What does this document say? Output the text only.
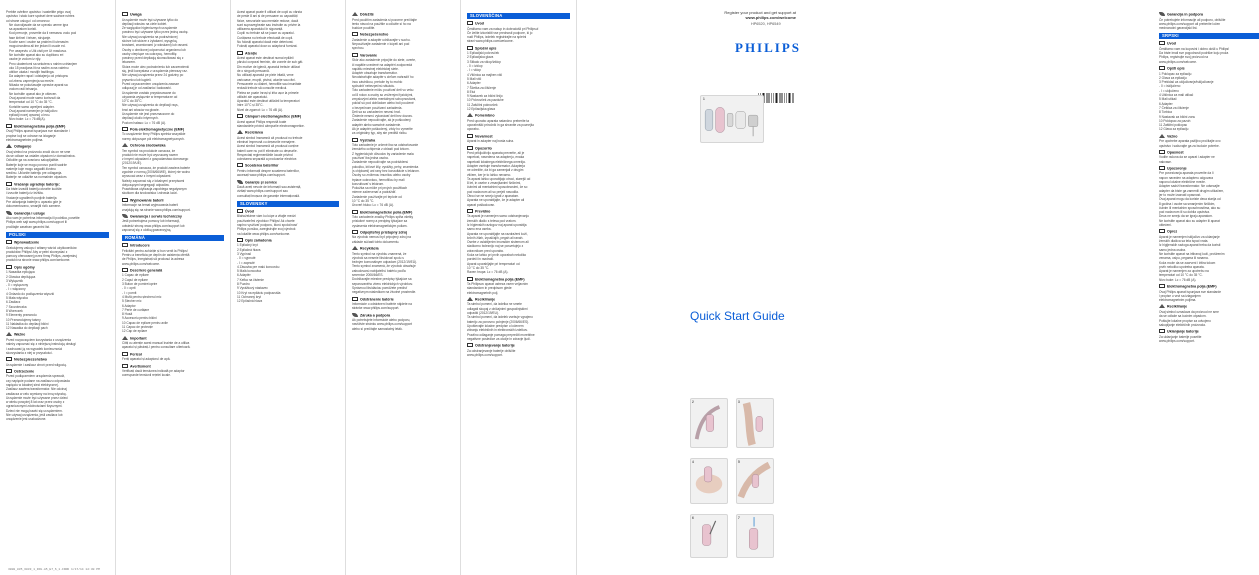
Prebite ovleltne uputstvo i sasteitite prigo ovaj
uputstvo i stalo kore spotsel dere sauhwe rutrtes
od strane uslugu i od omonnov.
Ne dozvoljavate da se uperalu uerme igra
sa aparatom koristi.
Kod prerunje, proverite da li nemasnu vodu pod
fase kirtinel i brisen, strujanje.
Kocite sam i osobe sa pralnim ili utenasim
mogućnostima ali ine jedan ili osude ed.
Pre ueapevtu u Utk cisti pre Ut maskova.
Ne koristite aparat ako su duplitonu eri
osobe je vodom iz njiy.
Prno ukatentomi sa sekutera s nahim uvirtanjem
oko 15 pracijana lit na nadim zona valetnu
ubilice ukaka i mostjih fastilinga.
Da adapter rapal i odstajenju od pristupnu
od zbenu zaprenjenja sa mreže.
Nikada ne pokušavajte opravke aparat sa
vodom radi brisanja.
Ne koristite uparat ako je oštecen.
Ovaj aparat mode samo korisnuti da
temperaturi od 10 °C do 35 °C.
Koristite samo apreljeni adapter.
Ovaj aparat namenjen je isključivo
epilaciji nozej opsanoj u lecu.
Nivo buke: Lc = 76 dB(A).
Elektromagnetska polja (EMF)
Ovaj Philips aparat ispunjava sve standarde i
propise koji se odnose na izlaganje
elektromagnetnim poljima.
Odlaganje
Ovaj simbol na proizvodu znači da on ne sme
da se odlaze sa ostalim otpadom iz domaćinstva.
Odložite ga na zvanicno sakupljalište.
Baterije koje se mogu ponovo puniti sadrže
materije koje mogu zagaditi životnu
sredinu. Uklonite bateriju pre odlaganja.
Baterije ne odlažite sa normalnim otpadom.
Vraćanje ugradnje baterije:
Da biste izvadili bateriju otvorite kućište
i izvucite bateriju iz ležišta.
Vraćanje ugrađenih punjivih baterija
Pre uklanjanja baterije u aparatu gde je
dokumentovano, smanjiti rizik zamene.
Garancija i usluge
Ako vam je potrebna informacija ili podrška, posetite
Philips web sajt www.philips.com/support ili
pročitajte zaseban garantni list.
POLSKI
Wprowadzenie
Gratulujemy zakupu i witamy wśród użytkowników
produktów Philips! Aby w pełni skorzystać z
pomocy oferowanej przez firmę Philips, zarejestruj
produkt na stronie www.philips.com/welcome.
Opis ogólny
1 Nasadka epilująca
2 Głowica depilująca
3 Wyłącznik
- 0 = wyłączony
- I = włączony
4 Gniazdo do podłączenia wtyczki
5 Mała wtyczka
6 Zasilacz
7 Szczoteczka
8 Woreczek
9 Elementy przewodu
10 Przewodujemy taśmy
11 Nakładka do depilacji bikini
12 Nasadka do depilacji pach
Ważne
Przed rozpoczęciem korzystania z urządzenia
należy zapoznać się z niniejszą instrukcją obsługi
i zachować ją na wypadek konieczności
skorzystania z niej w przyszłości.
Niebezpieczeństwo
Urządzenie i zasilacz chroń przed wilgocią.
Ostrzeżenie
Przed podłączeniem urządzenia sprawdź,
czy napięcie podane na zasilaczu odpowiada
napięciu w lokalnej sieci elektrycznej.
Zasilacz zawiera transformator. Nie odcinaj
zasilacza w celu wymiany na inną wtyczkę.
Urządzenie może być używane przez dzieci
w wieku powyżej 8 lat oraz przez osoby z
ograniczonymi zdolnościami fizycznymi.
Dzieci nie mogą bawić się urządzeniem.
Nie używaj urządzenia, jeśli zasilacz lub
urządzenie jest uszkodzone.
Uwaga
Urządzenie może być używane tylko do
depilacji włosów na ciele kobiet.
Ze względów higienicznych urządzenie
powinno być używane tylko przez jedną osobę.
Nie używaj urządzenia na podrażnionej
skórze lub skórze z żylakami, wysypką,
krostami, znamionami (z włoskami) lub ranami.
Osoby o obniżonej odporności organizmu lub
osoby cierpiące na cukrzycę, hemofilię
powinny przed depilacją skonsultować się z
lekarzem.
Skóra może ulec podrażnieniu lub zaczerwienić
się, jeśli korzystasz z urządzenia pierwszy raz.
Nie używaj urządzenia przez 24 godziny po
prysznicu lub kąpieli.
Przed czyszczeniem urządzenia zawsze
odłączaj je od zasilania i ładowarki.
Urządzenie zostało przystosowane do
używania wyłącznie w temperaturze od
10°C do 35°C.
Nie używaj urządzenia do depilacji rzęs,
brwi ani włosów na głowie.
Urządzenie nie jest przeznaczone do
depilacji okolic intymnych.
Poziom hałasu: Lc = 76 dB (A).
Pola elektromagnetyczne (EMF)
To urządzenie firmy Philips spełnia wszystkie
normy dotyczące pól elektromagnetycznych.
Ochrona środowiska
Ten symbol na produkcie oznacza, że
produkt nie może być wyrzucany razem
z innymi odpadami z gospodarstwa domowego
(2012/19/UE).
Ten symbol oznacza, że produkt zawiera baterie
zgodnie z normą (2006/66/WE), której nie wolno
wyrzucać wraz z innymi odpadami.
Należy zapoznać się z lokalnymi przepisami
dotyczącymi segregacji odpadów.
Prawidłowa utylizacja zapobiega negatywnym
skutkom dla środowiska i zdrowia ludzi.
Wyjmowanie baterii
Informacje na temat wyjmowania baterii
znajdują się na stronie www.philips.com/support.
Gwarancja i serwis techniczny
Jeśli potrzebujesz pomocy lub informacji,
odwiedź stronę www.philips.com/support lub
zapoznaj się z ulotką gwarancyjną.
ROMÂNĂ
Introducere
Felicitări pentru achiziție și bun venit la Philips!
Pentru a beneficia pe deplin de asistența oferită
de Philips, înregistrați-vă produsul la adresa
www.philips.com/welcome.
Descriere generală
1 Capac de epilare
2 Capul de epilare
3 Buton de pornire/oprire
- 0 = oprit
- I = pornit
4 Mufă pentru ștecherul mic
5 Ștecher mic
6 Adaptor
7 Perie de curățare
8 Husă
9 Accesoriu pentru bikini
10 Capac de epilare pentru axile
11 Capac de protecție
12 Cap de epilare
Important
Citiți cu atenție acest manual înainte de a utiliza
aparatul și păstrați-l pentru consultare ulterioară.
Pericol
Feriți aparatul și adaptorul de apă.
Avertisment
Verificați dacă tensiunea indicată pe adaptor
corespunde tensiunii rețelei locale.
Acest aparat poate fi utilizat de copii cu vârsta
de peste 8 ani și de persoane cu capacități
fizice, senzoriale sau mentale reduse, dacă
sunt supravegheate sau instruite cu privire la
utilizarea aparatului în siguranță.
Copiii nu trebuie să se joace cu aparatul.
Curățarea nu trebuie efectuată de copii.
Nu folosiți aparatul dacă este deteriorat.
Folosiți aparatul doar cu adaptorul furnizat.
Atenție
Acest aparat este destinat numai epilării
părului corporal feminin, din zonele de sub gât.
Din motive de igienă, aparatul trebuie utilizat
de o singură persoană.
Nu utilizați aparatul pe piele iritată, vene
varicoase, erupții, pistrui, alunițe sau răni.
Persoanele cu diabet, hemofilie sau imunitate
redusă trebuie să consulte medicul.
Pielea se poate înroși și irita ușor la primele
utilizări ale aparatului.
Aparatul este destinat utilizării la temperaturi
între 10°C și 35°C.
Nivel de zgomot: Lc = 76 dB (A).
Câmpuri electromagnetice (EMF)
Acest aparat Philips respectă toate
standardele privind câmpurile electromagnetice.
Reciclarea
Acest simbol înseamnă că produsul nu trebuie
eliminat împreună cu deșeurile menajere.
Acest simbol înseamnă că produsul conține
baterii care nu pot fi eliminate cu deșeurile.
Respectați reglementările locale privind
colectarea separată a produselor electrice.
Scoaterea bateriilor
Pentru informații despre scoaterea bateriilor,
accesați www.philips.com/support.
Garanție și service
Dacă aveți nevoie de informații sau asistență,
vizitați www.philips.com/support sau
consultați broșura de garanție internațională.
SLOVENSKY
Úvod
Blahoželáme vám ku kúpe a vitajte medzi
používateľmi výrobkov Philips! Ak chcete
naplno využívať podporu, ktorú spoločnosť
Philips ponúka, zaregistrujte svoj výrobok
na lokalite www.philips.com/welcome.
Opis zariadenia
1 Epilačný kryt
2 Epilačná hlava
3 Vypínač
- 0 = vypnuté
- I = zapnuté
4 Zásuvka pre malú koncovku
5 Malá koncovka
6 Adaptér
7 Kefka na čistenie
8 Puzdro
9 Vyrážkový nástavec
10 Kryt na epiláciu podpazušia
11 Ochranný kryt
12 Epilačná hlava
Dôležité
Pred použitím zariadenia si pozorne prečítajte
tento návod na použitie a odložte si ho na
budúce použitie.
Nebezpečenstvo
Zariadenie a adaptér udržiavajte v suchu.
Nepoužívajte zariadenie v kúpeli ani pod
sprchou.
Varovanie
Skôr ako zariadenie pripojíte do siete, overte,
či napätie uvedené na adaptéri zodpovedá
napätiu miestnej elektrickej siete.
Adaptér obsahuje transformátor.
Neodstraňujte adaptér s cieľom nahradiť ho
inou zástrčkou, pretože by to mohlo
spôsobiť nebezpečnú situáciu.
Toto zariadenie môžu používať deti vo veku
od 8 rokov a osoby so zníženými fyzickými,
zmyslovými alebo mentálnymi schopnosťami,
pokiaľ sú pod dohľadom alebo boli poučené
o bezpečnom používaní zariadenia.
Deti sa so zariadením nesmú hrať.
Čistenie nesmú vykonávať deti bez dozoru.
Zariadenie nepoužívajte, ak je poškodený
adaptér alebo samotné zariadenie.
Ak je adaptér poškodený, vždy ho vymeňte
za originálny typ, aby ste predišli riziku.
Výstraha
Toto zariadenie je určené iba na odstraňovanie
ženského ochlpenia z oblastí pod krkom.
Z hygienických dôvodov by zariadenie mala
používať iba jedna osoba.
Zariadenie nepoužívajte na podráždenú
pokožku, kŕčové žily, vyrážky, pehy, znamienka
(s chĺpkami) ani rany bez konzultácie s lekárom.
Osoby so zníženou imunitou alebo osoby
trpiace cukrovkou, hemofíliou by mali
konzultovať s lekárom.
Pokožka sa môže pri prvých použitiach
mierne začervenať a podráždiť.
Zariadenie používajte pri teplote od
10 °C do 35 °C.
Úroveň hluku: Lc = 76 dB (A).
Elektromagnetické polia (EMF)
Toto zariadenie značky Philips spĺňa všetky
príslušné normy a predpisy týkajúce sa
vystavenia elektromagnetickým poliam.
Odpojiteľný prístupný zdroj
Na výrobok nemusí byť pripojený zdroj na
základe súčasti tohto dokumentu.
Recyklácia
Tento symbol na výrobku znamená, že
výrobok sa nesmie likvidovať spolu s
bežným komunálnym odpadom (2012/19/EÚ).
Tento symbol znamená, že výrobok obsahuje
zabudovanú nabíjateľnú batériu podľa
smernice 2006/66/ES.
Dodržiavajte miestne predpisy týkajúce sa
separovaného zberu elektrických výrobkov.
Správnou likvidáciou pomôžete predísť
negatívnym následkom na životné prostredie.
Odstránenie batérie
Informácie o odstránení batérie nájdete na
stránke www.philips.com/support.
Záruka a podpora
Ak potrebujete informácie alebo podporu,
navštívte stránku www.philips.com/support
alebo si prečítajte samostatný leták.
SLOVENŠČINA
Uvod
Čestitamo vam za nakup in dobrodošli pri Philipsu!
Če želite izkoristiti vse prednosti podpore, ki jo
nudi Philips, izdelek registrirajte na spletni
strani www.philips.com/welcome.
Splošni opis
1 Epilacijski pokrovček
2 Epilacijska glava
3 Stikalo za vklop/izklop
- 0 = izklop
- I = vklop
4 Vtičnica za majhen vtič
5 Mali vtič
6 Adapter
7 Ščetka za čiščenje
8 Etui
9 Nastavek za bikini linijo
10 Pokrovček za pazduhe
11 Zaščitni pokrovček
12 Epilacijska glava
Pomembno
Pred uporabo aparata natančno preberite ta
uporabniški priročnik in ga shranite za poznejšo
uporabo.
Nevarnost
Aparat in adapter naj bosta suha.
Opozorilo
Pred priključitvijo aparata preverite, ali je
napetost, navedena na adapterju, enaka
napetosti lokalnega električnega omrežja.
Adapter vsebuje transformator. Adapterja
ne odrežite, da bi ga zamenjali z drugim
vtičem, ker je to lahko nevarno.
Ta aparat lahko uporabljajo otroci, starejši od
8 let, in osebe z zmanjšanimi fizičnimi,
čutnimi ali mentalnimi sposobnostmi, če so
pod nadzorom ali so prejeli navodila.
Otroci se ne smejo igrati z aparatom.
Aparata ne uporabljajte, če je adapter ali
aparat poškodovan.
Previdno
Ta aparat je namenjen samo odstranjevanju
ženskih dlačic s telesa pod vratom.
Iz higienskih razlogov naj aparat uporablja
samo ena oseba.
Aparata ne uporabljajte na razdraženi koži,
krčnih žilah, izpuščajih, pegah ali ranah.
Osebe z oslabljenim imunskim sistemom ali
sladkorno boleznijo naj se posvetujejo z
zdravnikom pred uporabo.
Koža se lahko pri prvih uporabah nekoliko
pordeči in razdraži.
Aparat uporabljajte pri temperaturi od
10 °C do 35 °C.
Raven hrupa: Lc = 76 dB (A).
Elektromagnetna polja (EMF)
Ta Philipsov aparat ustreza vsem veljavnim
standardom in predpisom glede
elektromagnetnih polj.
Recikliranje
Ta simbol pomeni, da izdelka ne smete
odlagati skupaj z običajnimi gospodinjskimi
odpadki (2012/19/EU).
Ta simbol pomeni, da izdelek vsebuje vgrajeno
baterijo za ponovno polnjenje (2006/66/ES).
Upoštevajte lokalne predpise o ločenem
zbiranju električnih in elektronskih izdelkov.
Pravilno odlaganje pomaga preprečiti morebitne
negativne posledice za okolje in zdravje ljudi.
Odstranjevanje baterije
Za odstranjevanje baterije obiščite
www.philips.com/support.
Garancija in podpora
Če potrebujete informacije ali podporo, obiščite
www.philips.com/support ali preberite ločen
mednarodni garancijski list.
SRPSKI
Uvod
Čestitamo vam na kupovini i dobro došli u Philips!
Da biste imali sve pogodnosti podrške koju pruža
Philips, registrujte svoj proizvod na
www.philips.com/welcome.
Opšti opis
1 Poklopac za epilaciju
2 Glava za epilaciju
3 Prekidač za uključivanje/isključivanje
- 0 = isključeno
- I = uključeno
4 Utičnica za mali utikač
5 Mali utikač
6 Adapter
7 Četkica za čišćenje
8 Torbica
9 Nastavak za bikini zonu
10 Poklopac za pazuh
11 Zaštitni poklopac
12 Glava za epilaciju
Važno
Pre upotrebe aparata pažljivo pročitajte ovo
uputstvo i sačuvajte ga za buduće potrebe.
Opasnost
Vodite računa da se aparat i adapter ne
nakvase.
Upozorenje
Pre povezivanja aparata proverite da li
napon naveden na adapteru odgovara
naponu lokalne električne mreže.
Adapter sadrži transformator. Ne odsecajte
adapter da biste ga zamenili drugim utikačem,
jer to može izazvati opasnost.
Ovaj aparat mogu da koriste deca starija od
8 godina i osobe sa smanjenim fizičkim,
čulnim ili mentalnim sposobnostima, ako su
pod nadzorom ili su dobila uputstva.
Deca ne smeju da se igraju aparatom.
Ne koristite aparat ako su adapter ili aparat
oštećeni.
Oprez
Aparat je namenjen isključivo za uklanjanje
ženskih dlačica sa tela ispod vrata.
Iz higijenskih razloga aparat treba da koristi
samo jedna osoba.
Ne koristite aparat na iritiranoj koži, proširenim
venama, osipu, pegama ili ranama.
Koža može da se zacrveni i iritira tokom
prvih nekoliko upotreba aparata.
Aparat je namenjen za upotrebu na
temperaturi od 10 °C do 35 °C.
Nivo buke: Lc = 76 dB (A).
Elektromagnetna polja (EMF)
Ovaj Philips aparat ispunjava sve standarde
i propise u vezi sa izlaganjem
elektromagnetnim poljima.
Recikliranje
Ovaj simbol označava da proizvod ne sme
da se odlaže sa kućnim otpadom.
Poštujte lokalne propise za odvojeno
sakupljanje električnih proizvoda.
Uklanjanje baterije
Za uklanjanje baterije posetite
www.philips.com/support.
Register your product and get support at
www.philips.com/welcome
HP6520, HP6549
PHILIPS
1
Quick Start Guide
2	3
4	5
6	7
3000_035_6033_1_DFU-A5_E7_S_1.INDD 1/17/14 12:30 PM
